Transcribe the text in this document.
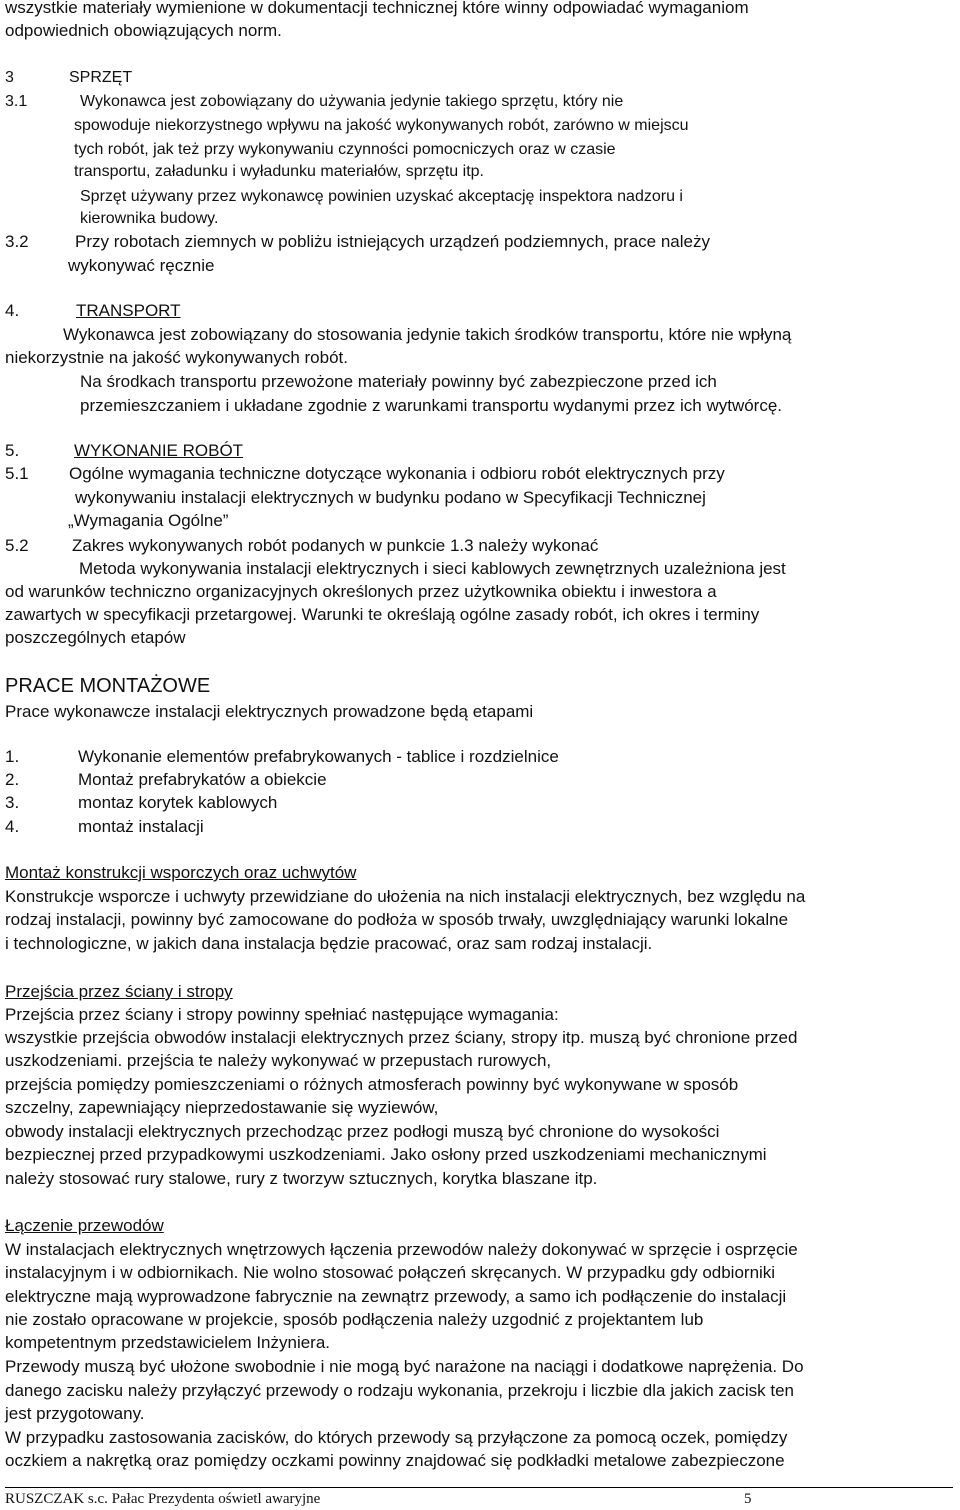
wszystkie materiały wymienione w dokumentacji technicznej które winny odpowiadać wymaganiom
odpowiednich obowiązujących norm.
3	SPRZĘT
3.1	Wykonawca jest zobowiązany do używania jedynie takiego sprzętu, który nie
spowoduje niekorzystnego wpływu na jakość wykonywanych robót, zarówno w miejscu
tych robót, jak też przy wykonywaniu czynności pomocniczych oraz w czasie
transportu, załadunku i wyładunku materiałów, sprzętu itp.
Sprzęt używany przez wykonawcę powinien uzyskać akceptację inspektora nadzoru i
kierownika budowy.
3.2	Przy robotach ziemnych w pobliżu istniejących urządzeń podziemnych, prace należy
wykonywać ręcznie
4.	TRANSPORT
Wykonawca jest zobowiązany do stosowania jedynie takich środków transportu, które nie wpłyną
niekorzystnie na jakość wykonywanych robót.
Na środkach transportu przewożone materiały powinny być zabezpieczone przed ich
przemieszczaniem i układane zgodnie z warunkami transportu wydanymi przez ich wytwórcę.
5.	WYKONANIE ROBÓT
5.1 Ogólne wymagania techniczne dotyczące wykonania i odbioru robót elektrycznych przy
wykonywaniu instalacji elektrycznych w budynku podano w Specyfikacji Technicznej
„Wymagania Ogólne”
5.2	Zakres wykonywanych robót podanych w punkcie 1.3 należy wykonać
Metoda wykonywania instalacji elektrycznych i sieci kablowych zewnętrznych uzależniona jest
od warunków techniczno organizacyjnych określonych przez użytkownika obiektu i inwestora a
zawartych w specyfikacji przetargowej. Warunki te określają ogólne zasady robót, ich okres i terminy
poszczególnych etapów
PRACE MONTAŻOWE
Prace wykonawcze instalacji elektrycznych prowadzone będą etapami
1.	Wykonanie elementów prefabrykowanych - tablice i rozdzielnice
2.	Montaż prefabrykatów a obiekcie
3.	montaz korytek kablowych
4.	montaż instalacji
Montaż konstrukcji wsporczych oraz uchwytów
Konstrukcje wsporcze i uchwyty przewidziane do ułożenia na nich instalacji elektrycznych, bez względu na
rodzaj instalacji, powinny być zamocowane do podłoża w sposób trwały, uwzględniający warunki lokalne
i technologiczne, w jakich dana instalacja będzie pracować, oraz sam rodzaj instalacji.
Przejścia przez ściany i stropy
Przejścia przez ściany i stropy powinny spełniać następujące wymagania:
wszystkie przejścia obwodów instalacji elektrycznych przez ściany, stropy itp. muszą być chronione przed
uszkodzeniami. przejścia te należy wykonywać w przepustach rurowych,
przejścia pomiędzy pomieszczeniami o różnych atmosferach powinny być wykonywane w sposób
szczelny, zapewniający nieprzedostawanie się wyziewów,
obwody instalacji elektrycznych przechodząc przez podłogi muszą być chronione do wysokości
bezpiecznej przed przypadkowymi uszkodzeniami. Jako osłony przed uszkodzeniami mechanicznymi
należy stosować rury stalowe, rury z tworzyw sztucznych, korytka blaszane itp.
Łączenie przewodów
W instalacjach elektrycznych wnętrzowych łączenia przewodów należy dokonywać w sprzęcie i osprzęcie
instalacyjnym i w odbiornikach. Nie wolno stosować połączeń skręcanych. W przypadku gdy odbiorniki
elektryczne mają wyprowadzone fabrycznie na zewnątrz przewody, a samo ich podłączenie do instalacji
nie zostało opracowane w projekcie, sposób podłączenia należy uzgodnić z projektantem lub
kompetentnym przedstawicielem Inżyniera.
Przewody muszą być ułożone swobodnie i nie mogą być narażone na naciągi i dodatkowe naprężenia. Do
danego zacisku należy przyłączyć przewody o rodzaju wykonania, przekroju i liczbie dla jakich zacisk ten
jest przygotowany.
W przypadku zastosowania zacisków, do których przewody są przyłączone za pomocą oczek, pomiędzy
oczkiem a nakrętką oraz pomiędzy oczkami powinny znajdować się podkładki metalowe zabezpieczone
RUSZCZAK s.c. Pałac Prezydenta oświetl awaryjne	5
